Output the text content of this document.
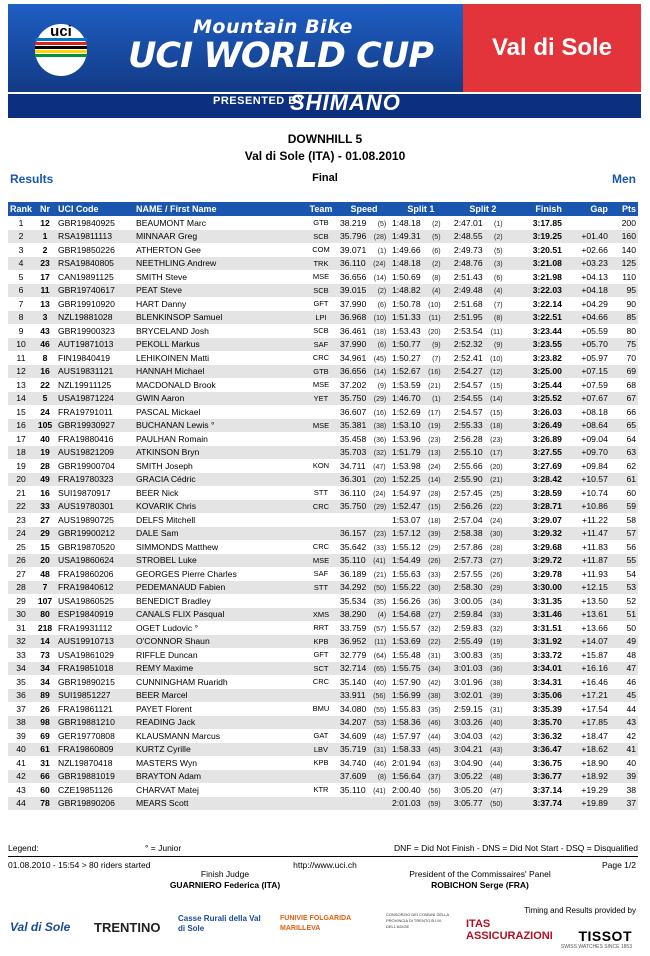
uci	Mountain Bike
UCI WORLD CUP	Val di Sole
PRESENTED BY
SHIMANO
DOWNHILL 5
Val di Sole (ITA) - 01.08.2010
Results	Final	Men
Rank	Nr	UCI Code	NAME / First Name	Team	Speed	Split 1	Split 2	Finish	Gap	Pts
1	12	GBR19840925	BEAUMONT Marc	GTB	38.219 (5)	1:48.18 (2)	2:47.01 (1)	3:17.85		200
2	1	RSA19811113	MINNAAR Greg	SCB	35.796 (28)	1:49.31 (5)	2:48.55 (2)	3:19.25	+01.40	160
3	2	GBR19850226	ATHERTON Gee	COM	39.071 (1)	1:49.66 (6)	2:49.73 (5)	3:20.51	+02.66	140
4	23	RSA19840805	NEETHLING Andrew	TRK	36.110 (24)	1:48.18 (2)	2:48.76 (3)	3:21.08	+03.23	125
5	17	CAN19891125	SMITH Steve	MSE	36.656 (14)	1:50.69 (8)	2:51.43 (6)	3:21.98	+04.13	110
6	11	GBR19740617	PEAT Steve	SCB	39.015 (2)	1:48.82 (4)	2:49.48 (4)	3:22.03	+04.18	95
7	13	GBR19910920	HART Danny	GFT	37.990 (6)	1:50.78 (10)	2:51.68 (7)	3:22.14	+04.29	90
8	3	NZL19881028	BLENKINSOP Samuel	LPI	36.968 (10)	1:51.33 (11)	2:51.95 (8)	3:22.51	+04.66	85
9	43	GBR19900323	BRYCELAND Josh	SCB	36.461 (18)	1:53.43 (20)	2:53.54 (11)	3:23.44	+05.59	80
10	46	AUT19871013	PEKOLL Markus	SAF	37.990 (6)	1:50.77 (9)	2:52.32 (9)	3:23.55	+05.70	75
11	8	FIN19840419	LEHIKOINEN Matti	CRC	34.961 (45)	1:50.27 (7)	2:52.41 (10)	3:23.82	+05.97	70
12	16	AUS19831121	HANNAH Michael	GTB	36.656 (14)	1:52.67 (16)	2:54.27 (12)	3:25.00	+07.15	69
13	22	NZL19911125	MACDONALD Brook	MSE	37.202 (9)	1:53.59 (21)	2:54.57 (15)	3:25.44	+07.59	68
14	5	USA19871224	GWIN Aaron	YET	35.750 (29)	1:46.70 (1)	2:54.55 (14)	3:25.52	+07.67	67
15	24	FRA19791011	PASCAL Mickael		36.607 (16)	1:52.69 (17)	2:54.57 (15)	3:26.03	+08.18	66
16	105	GBR19930927	BUCHANAN Lewis °	MSE	35.381 (38)	1:53.10 (19)	2:55.33 (18)	3:26.49	+08.64	65
17	40	FRA19880416	PAULHAN Romain		35.458 (36)	1:53.96 (23)	2:56.28 (23)	3:26.89	+09.04	64
18	19	AUS19821209	ATKINSON Bryn		35.703 (32)	1:51.79 (13)	2:55.10 (17)	3:27.55	+09.70	63
19	28	GBR19900704	SMITH Joseph	KON	34.711 (47)	1:53.98 (24)	2:55.66 (20)	3:27.69	+09.84	62
20	49	FRA19780323	GRACIA Cédric		36.301 (20)	1:52.25 (14)	2:55.90 (21)	3:28.42	+10.57	61
21	16	SUI19870917	BEER Nick	STT	36.110 (24)	1:54.97 (28)	2:57.45 (25)	3:28.59	+10.74	60
22	33	AUS19780301	KOVARIK Chris	CRC	35.750 (29)	1:52.47 (15)	2:56.26 (22)	3:28.71	+10.86	59
23	27	AUS19890725	DELFS Mitchell			1:53.07 (18)	2:57.04 (24)	3:29.07	+11.22	58
24	29	GBR19900212	DALE Sam		36.157 (23)	1:57.12 (39)	2:58.38 (30)	3:29.32	+11.47	57
25	15	GBR19870520	SIMMONDS Matthew	CRC	35.642 (33)	1:55.12 (29)	2:57.86 (28)	3:29.68	+11.83	56
26	20	USA19860624	STROBEL Luke	MSE	35.110 (41)	1:54.49 (26)	2:57.73 (27)	3:29.72	+11.87	55
27	48	FRA19860206	GEORGES Pierre Charles	SAF	36.189 (21)	1:55.63 (33)	2:57.55 (26)	3:29.78	+11.93	54
28	7	FRA19840612	PEDEMANAUD Fabien	STT	34.292 (50)	1:55.22 (30)	2:58.30 (29)	3:30.00	+12.15	53
29	107	USA19860525	BENEDICT Bradley		35.534 (35)	1:56.26 (36)	3:00.05 (34)	3:31.35	+13.50	52
30	80	ESP19840919	CANALS FLIX Pasqual	XMS	38.290 (4)	1:54.68 (27)	2:59.84 (33)	3:31.46	+13.61	51
31	218	FRA19931112	OGET Ludovic °	RRT	33.759 (57)	1:55.57 (32)	2:59.83 (32)	3:31.51	+13.66	50
32	14	AUS19910713	O'CONNOR Shaun	KPB	36.952 (11)	1:53.69 (22)	2:55.49 (19)	3:31.92	+14.07	49
33	73	USA19861029	RIFFLE Duncan	GFT	32.779 (64)	1:55.48 (31)	3:00.83 (35)	3:33.72	+15.87	48
34	34	FRA19851018	REMY Maxime	SCT	32.714 (65)	1:55.75 (34)	3:01.03 (36)	3:34.01	+16.16	47
35	34	GBR19890215	CUNNINGHAM Ruaridh	CRC	35.140 (40)	1:57.90 (42)	3:01.96 (38)	3:34.31	+16.46	46
36	89	SUI19851227	BEER Marcel		33.911 (56)	1:56.99 (38)	3:02.01 (39)	3:35.06	+17.21	45
37	26	FRA19861121	PAYET Florent	BMU	34.080 (55)	1:55.83 (35)	2:59.15 (31)	3:35.39	+17.54	44
38	98	GBR19881210	READING Jack		34.207 (53)	1:58.36 (46)	3:03.26 (40)	3:35.70	+17.85	43
39	69	GER19770808	KLAUSMANN Marcus	GAT	34.609 (48)	1:57.97 (44)	3:04.03 (42)	3:36.32	+18.47	42
40	61	FRA19860809	KURTZ Cyrille	LBV	35.719 (31)	1:58.33 (45)	3:04.21 (43)	3:36.47	+18.62	41
41	31	NZL19870418	MASTERS Wyn	KPB	34.740 (46)	2:01.94 (63)	3:04.90 (44)	3:36.75	+18.90	40
42	66	GBR19881019	BRAYTON Adam		37.609 (8)	1:56.64 (37)	3:05.22 (48)	3:36.77	+18.92	39
43	60	CZE19851126	CHARVAT Matej	KTR	35.110 (41)	2:00.40 (56)	3:05.20 (47)	3:37.14	+19.29	38
44	78	GBR19890206	MEARS Scott			2:01.03 (59)	3:05.77 (50)	3:37.74	+19.89	37
Legend:	° = Junior	DNF = Did Not Finish - DNS = Did Not Start - DSQ = Disqualified
01.08.2010 - 15:54 > 80 riders started	http://www.uci.ch	Page 1/2
Finish Judge
GUARNIERO Federica (ITA)
President of the Commissaires' Panel
ROBICHON Serge (FRA)
Val di Sole TRENTINO
Casse Rurali della Val di Sole
FUNIVIE FOLGARIDA MARILLEVA
CONSORZIO DEI COMUNI DELLA PROVINCIA DI TRENTO B.I.M. DELL'ADIGE	ITAS ASSICURAZIONI
Timing and Results provided by
TISSOT
SWISS WATCHES SINCE 1853
